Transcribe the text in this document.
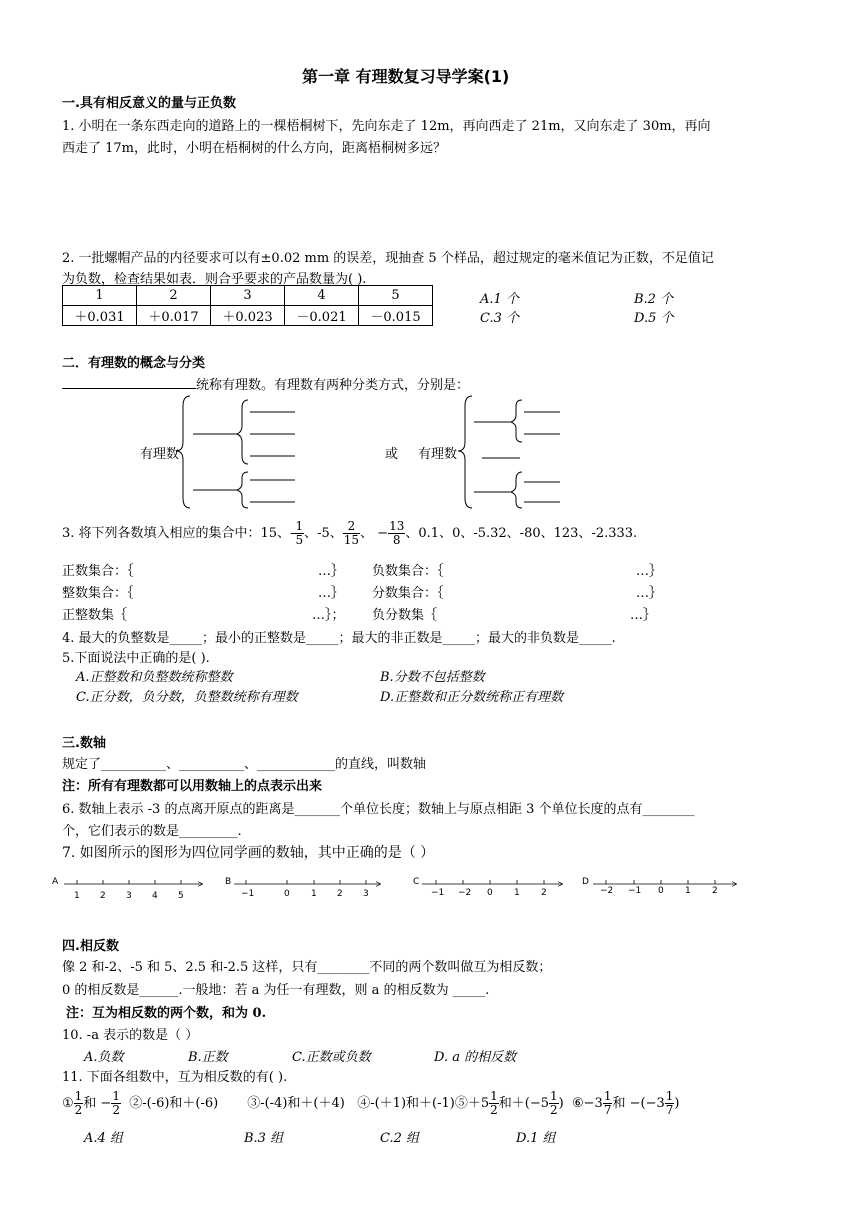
第一章 有理数复习导学案(1)
一.具有相反意义的量与正负数
1. 小明在一条东西走向的道路上的一棵梧桐树下，先向东走了 12m，再向西走了 21m，又向东走了 30m，再向
西走了 17m，此时，小明在梧桐树的什么方向，距离梧桐树多远？
2. 一批螺帽产品的内径要求可以有±0.02 mm 的误差，现抽查 5 个样品，超过规定的毫米值记为正数，不足值记
为负数，检查结果如表．则合乎要求的产品数量为( ).
1	2	3	4	5
＋0.031	＋0.017	＋0.023	－0.021	－0.015
A.1 个	B.2 个
C.3 个	D.5 个
二．有理数的概念与分类
统称有理数。有理数有两种分类方式，分别是：
有理数	或 有理数
3. 将下列各数填入相应的集合中：15、- $\frac{1}{5}$ 、-5、 $\frac{2}{15}$ 、 − $\frac{13}{8}$ 、0.1、0、-5.32、-80、123、-2.333.
正数集合：｛	…｝ 负数集合：｛	…｝
整数集合：｛	…｝ 分数集合：｛	…｝
正整数集｛	…｝； 负分数集｛	…｝
4. 最大的负整数是_____；最小的正整数是_____；最大的非正数是_____；最大的非负数是_____.
5.下面说法中正确的是( ).
A.正整数和负整数统称整数	B.分数不包括整数
C.正分数，负分数，负整数统称有理数	D.正整数和正分数统称正有理数
三.数轴
规定了__________、__________、____________的直线，叫数轴
注：所有有理数都可以用数轴上的点表示出来
6. 数轴上表示 -3 的点离开原点的距离是_______个单位长度；数轴上与原点相距 3 个单位长度的点有________
个，它们表示的数是_________.
7. 如图所示的图形为四位同学画的数轴，其中正确的是（ ）
A
1 2 3 4 5
B
−1	0 1 2 3
C
−1 −2 0 1 2
D
−2 −1 0 1 2
四.相反数
像 2 和-2、-5 和 5、2.5 和-2.5 这样，只有________不同的两个数叫做互为相反数；
0 的相反数是______.一般地：若 a 为任一有理数，则 a 的相反数为 _____.
注：互为相反数的两个数，和为 0.
10. -a 表示的数是（ ）
A.负数	B.正数	C.正数或负数	D. a 的相反数
11. 下面各组数中，互为相反数的有( ).
① $\frac{1}{2}$ 和 − $\frac{1}{2}$ ②-(-6)和＋(-6) ③-(-4)和＋(＋4) ④-(＋1)和＋(-1)⑤＋5 $\frac{1}{2}$ 和$+(-5 \frac{1}{2}$ ) ⑥−3 $\frac{1}{7}$ 和 $-(-3 \frac{1}{7}$ )
A.4 组	B.3 组	C.2 组	D.1 组
